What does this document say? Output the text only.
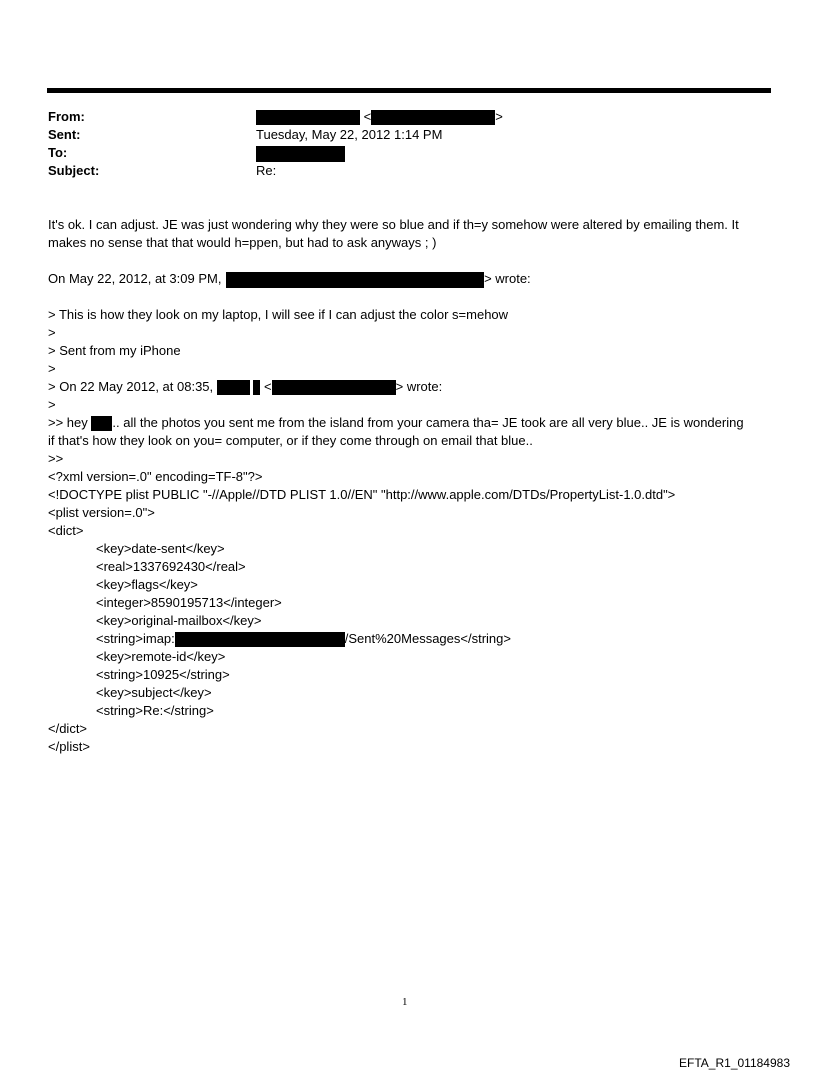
From:	<	>
Sent:	Tuesday, May 22, 2012 1:14 PM
To:
Subject:	Re:
It's ok. I can adjust. JE was just wondering why they were so blue and if th=y somehow were altered by emailing them. It
makes no sense that that would h=ppen, but had to ask anyways ; )
On May 22, 2012, at 3:09 PM,	> wrote:
> This is how they look on my laptop, I will see if I can adjust the color s=mehow
>
> Sent from my iPhone
>
> On 22 May 2012, at 08:35,	<	> wrote:
>
>> hey .. all the photos you sent me from the island from your camera tha= JE took are all very blue.. JE is wondering
if that's how they look on you= computer, or if they come through on email that blue..
>>
<?xml version=.0" encoding=TF-8"?>
<!DOCTYPE plist PUBLIC "-//Apple//DTD PLIST 1.0//EN" "http://www.apple.com/DTDs/PropertyList-1.0.dtd">
<plist version=.0">
<dict>
<key>date-sent</key>
<real>1337692430</real>
<key>flags</key>
<integer>8590195713</integer>
<key>original-mailbox</key>
<string>imap:	/Sent%20Messages</string>
<key>remote-id</key>
<string>10925</string>
<key>subject</key>
<string>Re:</string>
</dict>
</plist>
1
EFTA_R1_01184983
